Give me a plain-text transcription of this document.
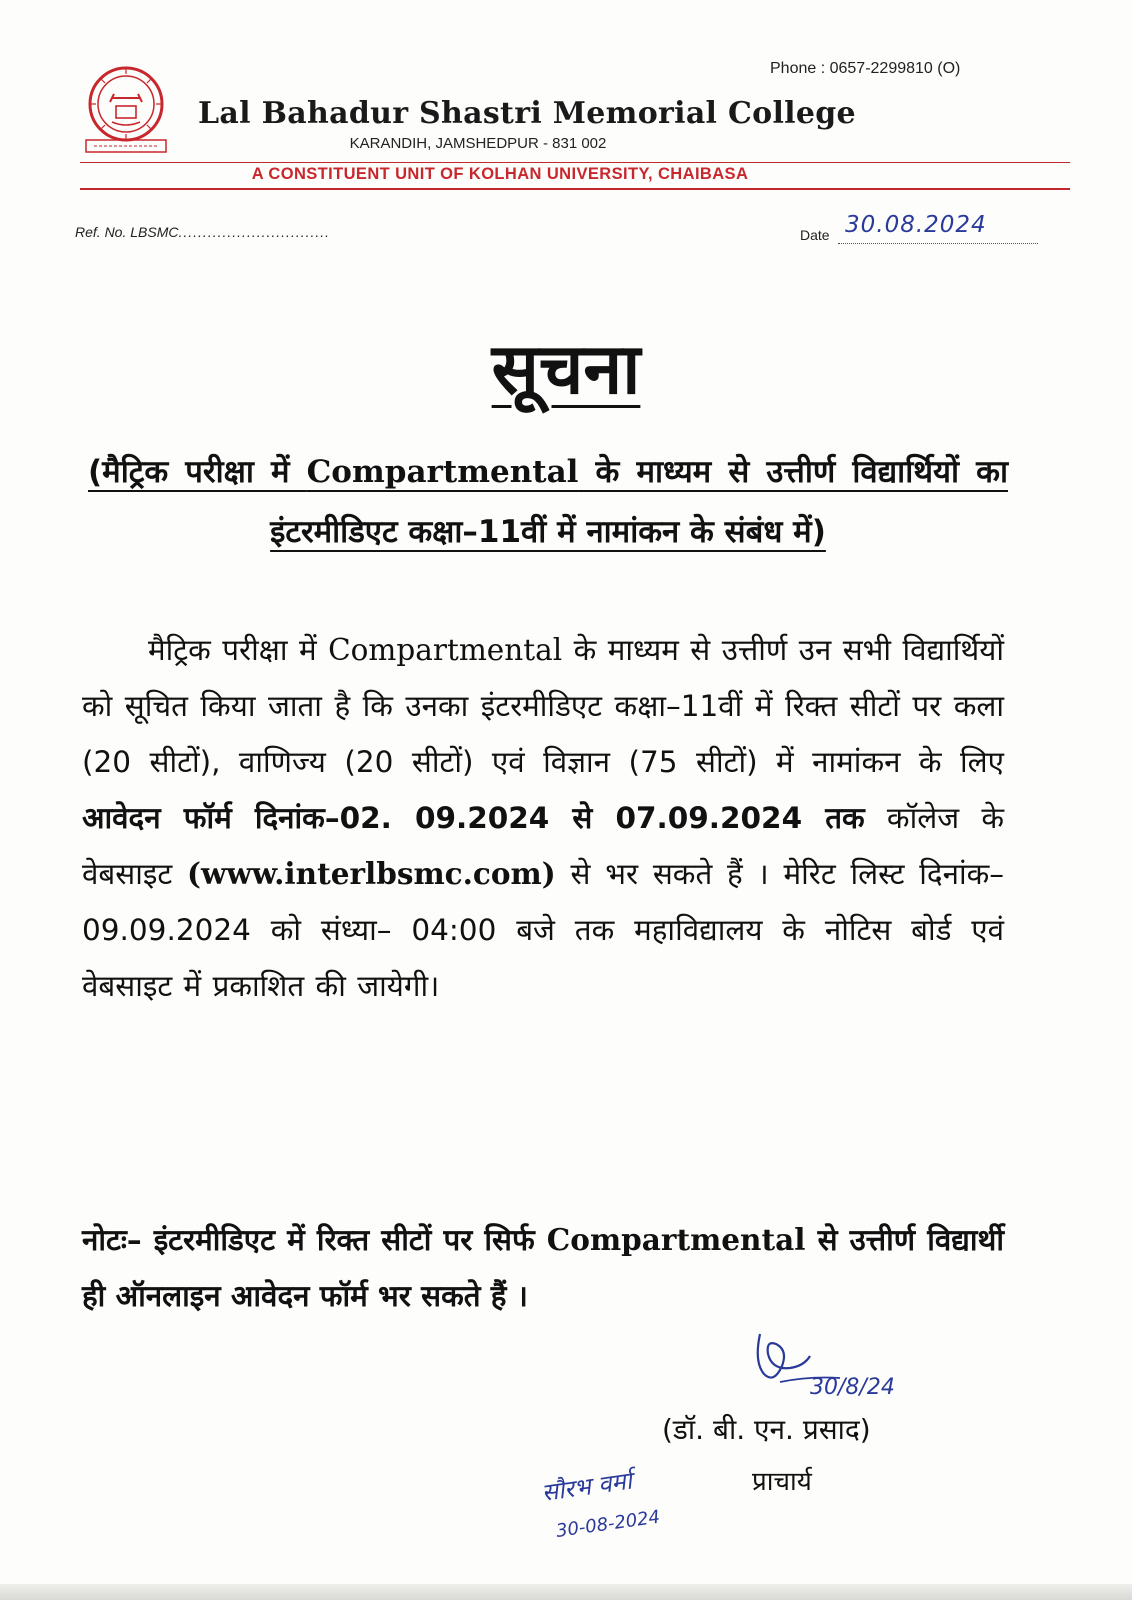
Phone : 0657-2299810 (O)
Lal Bahadur Shastri Memorial College
KARANDIH, JAMSHEDPUR - 831 002
A CONSTITUENT UNIT OF KOLHAN UNIVERSITY, CHAIBASA
Ref. No. LBSMC...............................	Date 30.08.2024
सूचना
(मैट्रिक परीक्षा में Compartmental के माध्यम से उत्तीर्ण विद्यार्थियों का इंटरमीडिएट कक्षा–11वीं में नामांकन के संबंध में)
मैट्रिक परीक्षा में Compartmental के माध्यम से उत्तीर्ण उन सभी विद्यार्थियों को सूचित किया जाता है कि उनका इंटरमीडिएट कक्षा–11वीं में रिक्त सीटों पर कला (20 सीटों), वाणिज्य (20 सीटों) एवं विज्ञान (75 सीटों) में नामांकन के लिए आवेदन फॉर्म दिनांक–02. 09.2024 से 07.09.2024 तक कॉलेज के वेबसाइट (www.interlbsmc.com) से भर सकते हैं । मेरिट लिस्ट दिनांक–09.09.2024 को संध्या– 04:00 बजे तक महाविद्यालय के नोटिस बोर्ड एवं वेबसाइट में प्रकाशित की जायेगी।
नोटः– इंटरमीडिएट में रिक्त सीटों पर सिर्फ Compartmental से उत्तीर्ण विद्यार्थी ही ऑनलाइन आवेदन फॉर्म भर सकते हैं ।
30/8/24
(डॉ. बी. एन. प्रसाद)
प्राचार्य
सौरभ वर्मा
30-08-2024
